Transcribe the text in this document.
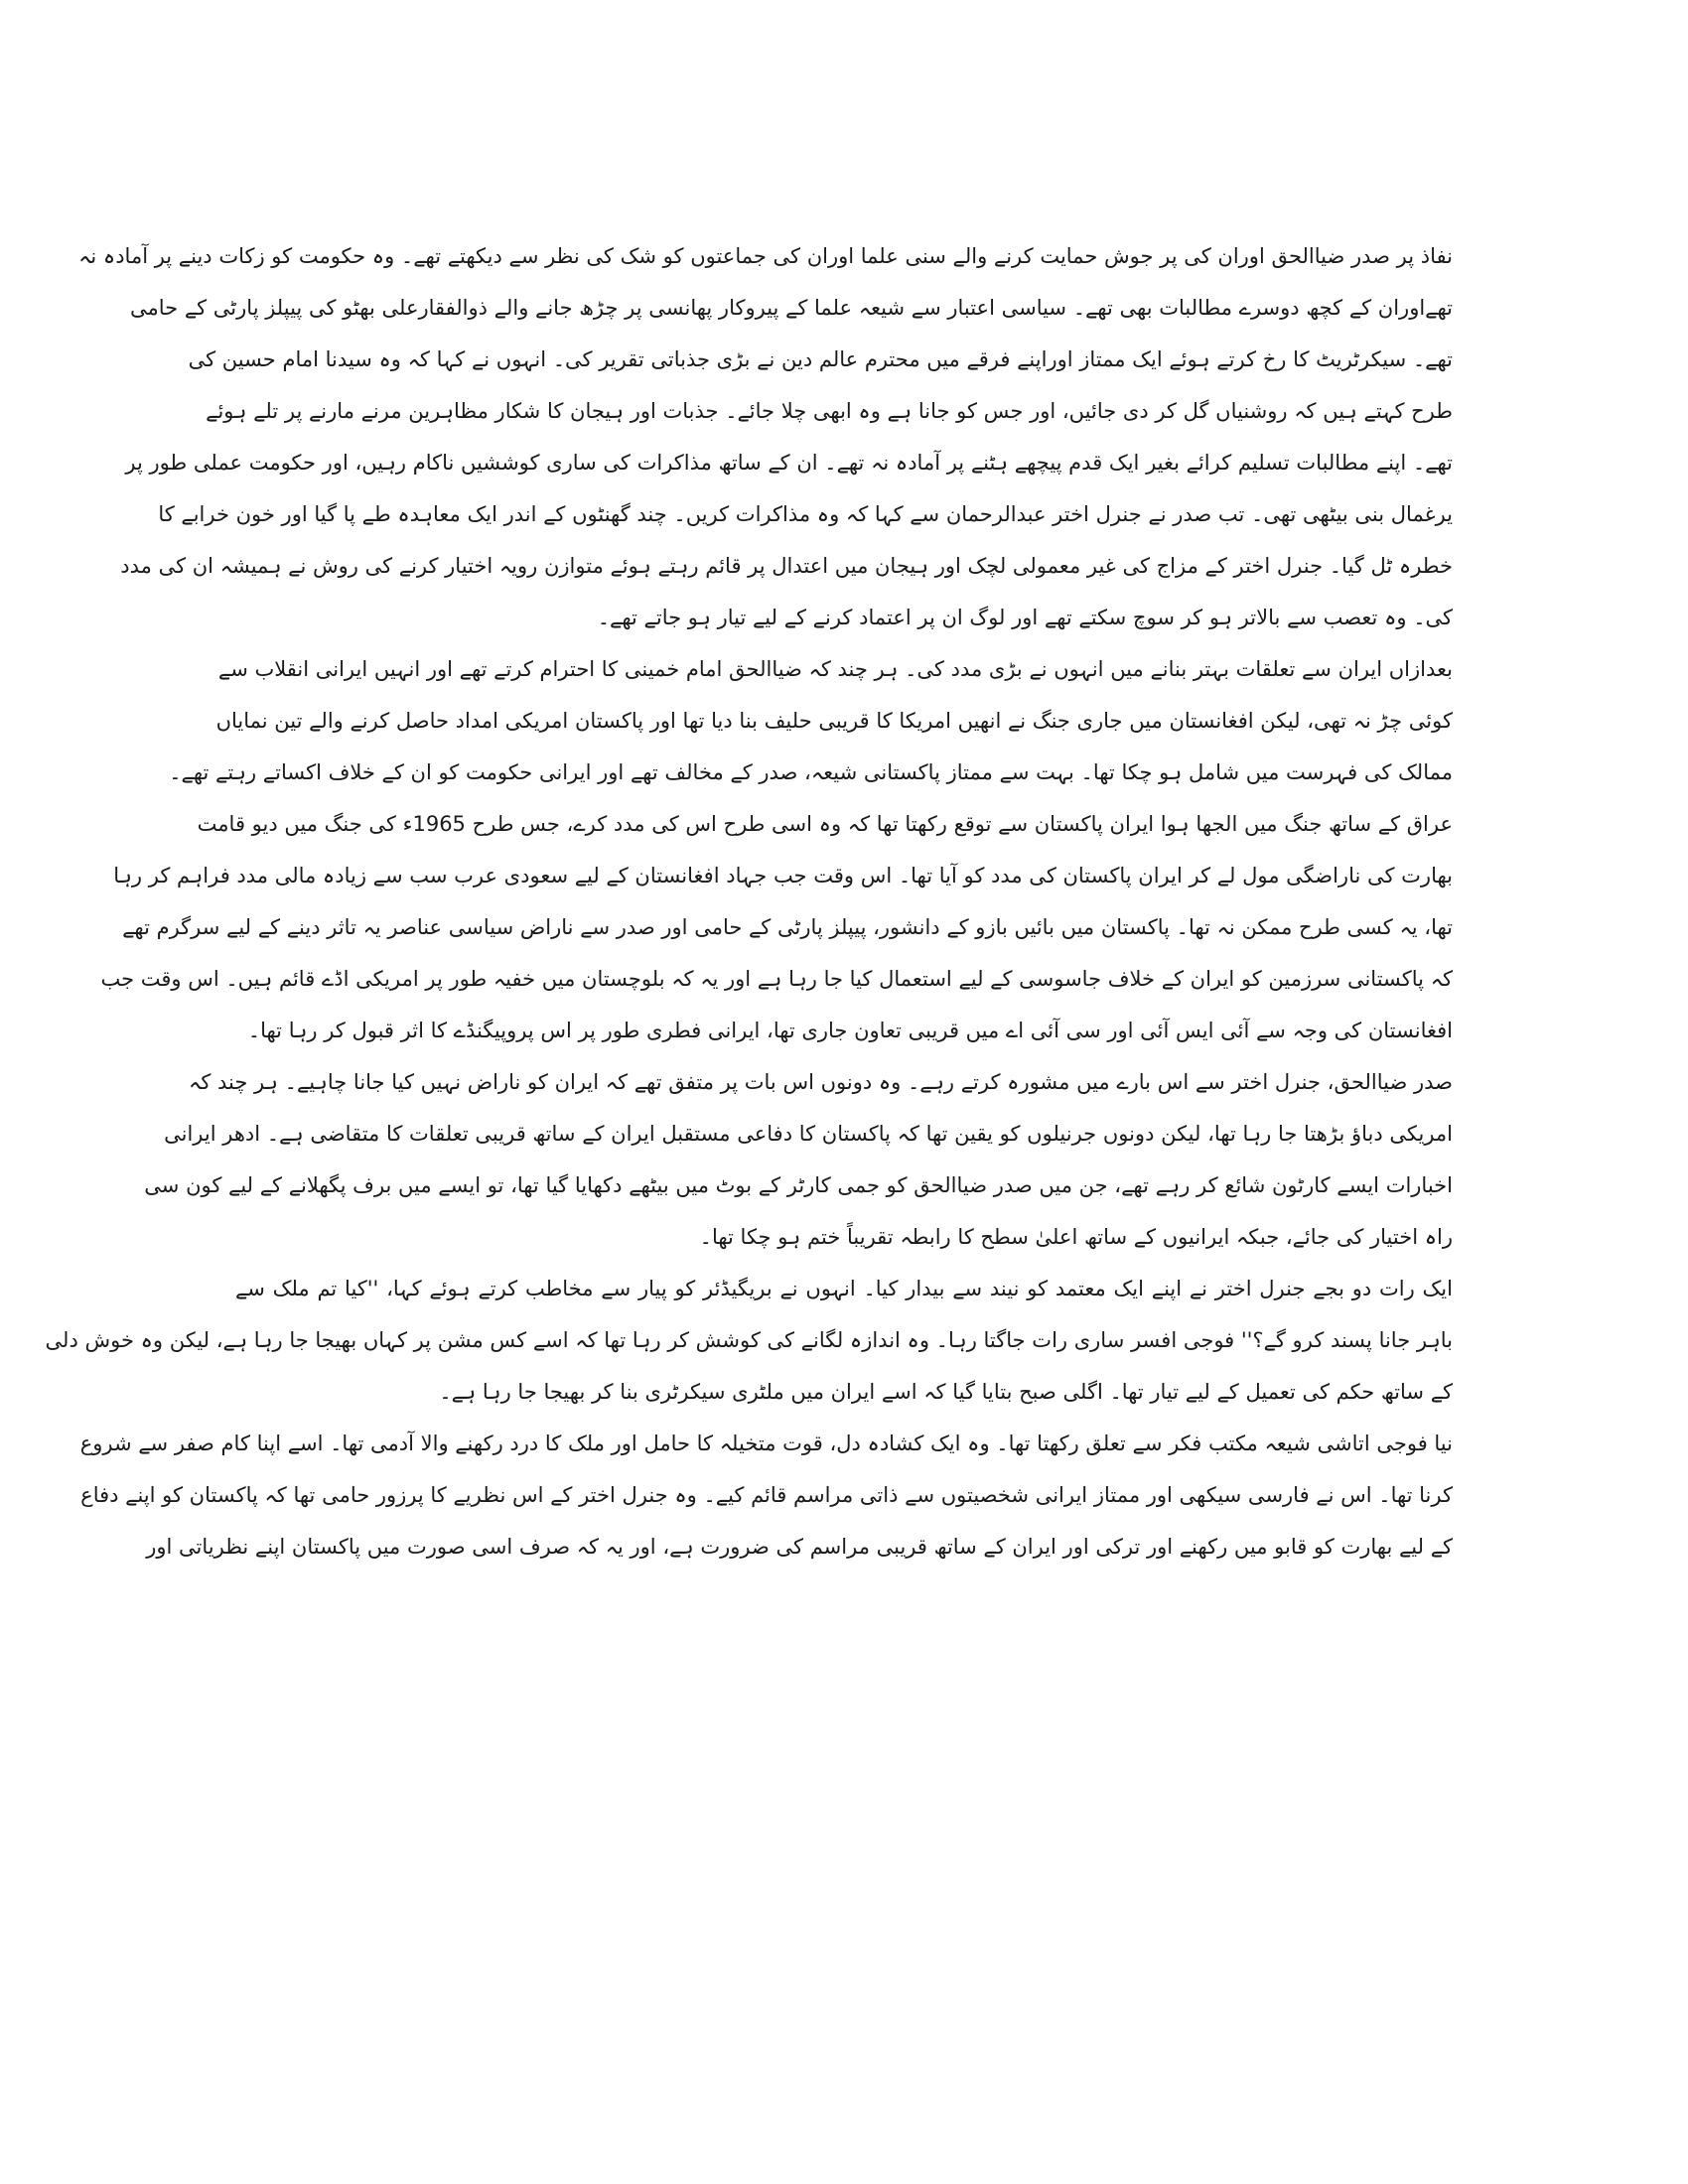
نفاذ پر صدر ضیاالحق اوران کی پر جوش حمایت کرنے والے سنی علما اوران کی جماعتوں کو شک کی نظر سے دیکھتے تھے۔ وہ حکومت کو زکات دینے پر آمادہ نہ
تھےاوران کے کچھ دوسرے مطالبات بھی تھے۔ سیاسی اعتبار سے شیعہ علما کے پیروکار پھانسی پر چڑھ جانے والے ذوالفقارعلی بھٹو کی پیپلز پارٹی کے حامی
تھے۔ سیکرٹریٹ کا رخ کرتے ہوئے ایک ممتاز اوراپنے فرقے میں محترم عالم دین نے بڑی جذباتی تقریر کی۔ انہوں نے کہا کہ وہ سیدنا امام حسین کی
طرح کہتے ہیں کہ روشنیاں گل کر دی جائیں، اور جس کو جانا ہے وہ ابھی چلا جائے۔ جذبات اور ہیجان کا شکار مظاہرین مرنے مارنے پر تلے ہوئے
تھے۔ اپنے مطالبات تسلیم کرائے بغیر ایک قدم پیچھے ہٹنے پر آمادہ نہ تھے۔ ان کے ساتھ مذاکرات کی ساری کوششیں ناکام رہیں، اور حکومت عملی طور پر
یرغمال بنی بیٹھی تھی۔ تب صدر نے جنرل اختر عبدالرحمان سے کہا کہ وہ مذاکرات کریں۔ چند گھنٹوں کے اندر ایک معاہدہ طے پا گیا اور خون خرابے کا
خطرہ ٹل گیا۔ جنرل اختر کے مزاج کی غیر معمولی لچک اور ہیجان میں اعتدال پر قائم رہتے ہوئے متوازن رویہ اختیار کرنے کی روش نے ہمیشہ ان کی مدد
کی۔ وہ تعصب سے بالاتر ہو کر سوچ سکتے تھے اور لوگ ان پر اعتماد کرنے کے لیے تیار ہو جاتے تھے۔
بعدازاں ایران سے تعلقات بہتر بنانے میں انہوں نے بڑی مدد کی۔ ہر چند کہ ضیاالحق امام خمینی کا احترام کرتے تھے اور انہیں ایرانی انقلاب سے
کوئی چڑ نہ تھی، لیکن افغانستان میں جاری جنگ نے انھیں امریکا کا قریبی حلیف بنا دیا تھا اور پاکستان امریکی امداد حاصل کرنے والے تین نمایاں
ممالک کی فہرست میں شامل ہو چکا تھا۔ بہت سے ممتاز پاکستانی شیعہ، صدر کے مخالف تھے اور ایرانی حکومت کو ان کے خلاف اکساتے رہتے تھے۔
عراق کے ساتھ جنگ میں الجھا ہوا ایران پاکستان سے توقع رکھتا تھا کہ وہ اسی طرح اس کی مدد کرے، جس طرح 1965ء کی جنگ میں دیو قامت
بھارت کی ناراضگی مول لے کر ایران پاکستان کی مدد کو آیا تھا۔ اس وقت جب جہاد افغانستان کے لیے سعودی عرب سب سے زیادہ مالی مدد فراہم کر رہا
تھا، یہ کسی طرح ممکن نہ تھا۔ پاکستان میں بائیں بازو کے دانشور، پیپلز پارٹی کے حامی اور صدر سے ناراض سیاسی عناصر یہ تاثر دینے کے لیے سرگرم تھے
کہ پاکستانی سرزمین کو ایران کے خلاف جاسوسی کے لیے استعمال کیا جا رہا ہے اور یہ کہ بلوچستان میں خفیہ طور پر امریکی اڈے قائم ہیں۔ اس وقت جب
افغانستان کی وجہ سے آئی ایس آئی اور سی آئی اے میں قریبی تعاون جاری تھا، ایرانی فطری طور پر اس پروپیگنڈے کا اثر قبول کر رہا تھا۔
صدر ضیاالحق، جنرل اختر سے اس بارے میں مشورہ کرتے رہے۔ وہ دونوں اس بات پر متفق تھے کہ ایران کو ناراض نہیں کیا جانا چاہیے۔ ہر چند کہ
امریکی دباؤ بڑھتا جا رہا تھا، لیکن دونوں جرنیلوں کو یقین تھا کہ پاکستان کا دفاعی مستقبل ایران کے ساتھ قریبی تعلقات کا متقاضی ہے۔ ادھر ایرانی
اخبارات ایسے کارٹون شائع کر رہے تھے، جن میں صدر ضیاالحق کو جمی کارٹر کے بوٹ میں بیٹھے دکھایا گیا تھا، تو ایسے میں برف پگھلانے کے لیے کون سی
راہ اختیار کی جائے، جبکہ ایرانیوں کے ساتھ اعلیٰ سطح کا رابطہ تقریباً ختم ہو چکا تھا۔
ایک رات دو بجے جنرل اختر نے اپنے ایک معتمد کو نیند سے بیدار کیا۔ انہوں نے بریگیڈئر کو پیار سے مخاطب کرتے ہوئے کہا، ''کیا تم ملک سے
باہر جانا پسند کرو گے؟'' فوجی افسر ساری رات جاگتا رہا۔ وہ اندازہ لگانے کی کوشش کر رہا تھا کہ اسے کس مشن پر کہاں بھیجا جا رہا ہے، لیکن وہ خوش دلی
کے ساتھ حکم کی تعمیل کے لیے تیار تھا۔ اگلی صبح بتایا گیا کہ اسے ایران میں ملٹری سیکرٹری بنا کر بھیجا جا رہا ہے۔
نیا فوجی اتاشی شیعہ مکتب فکر سے تعلق رکھتا تھا۔ وہ ایک کشادہ دل، قوت متخیلہ کا حامل اور ملک کا درد رکھنے والا آدمی تھا۔ اسے اپنا کام صفر سے شروع
کرنا تھا۔ اس نے فارسی سیکھی اور ممتاز ایرانی شخصیتوں سے ذاتی مراسم قائم کیے۔ وہ جنرل اختر کے اس نظریے کا پرزور حامی تھا کہ پاکستان کو اپنے دفاع
کے لیے بھارت کو قابو میں رکھنے اور ترکی اور ایران کے ساتھ قریبی مراسم کی ضرورت ہے، اور یہ کہ صرف اسی صورت میں پاکستان اپنے نظریاتی اور
